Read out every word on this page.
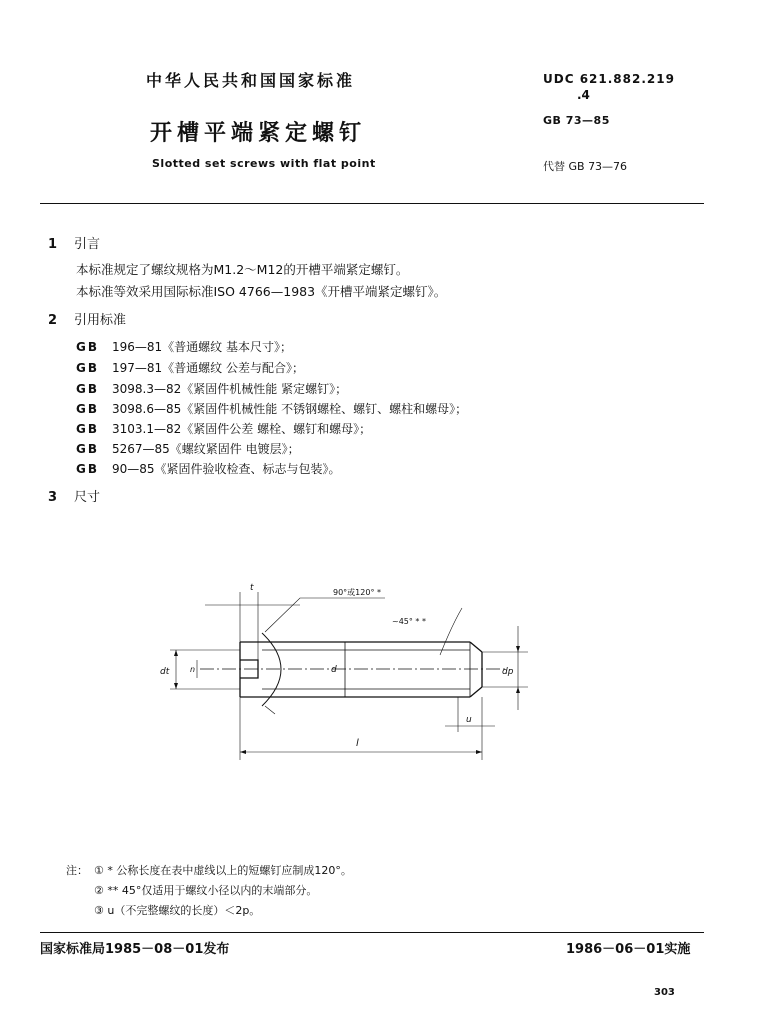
中华人民共和国国家标准
开槽平端紧定螺钉
Slotted set screws with flat point
UDC 621.882.219
.4
GB 73—85
代替 GB 73—76
1 引言
本标准规定了螺纹规格为M1.2～M12的开槽平端紧定螺钉。
本标准等效采用国际标准ISO 4766—1983《开槽平端紧定螺钉》。
2 引用标准
GB 196—81《普通螺纹 基本尺寸》；
GB 197—81《普通螺纹 公差与配合》；
GB 3098.3—82《紧固件机械性能 紧定螺钉》；
GB 3098.6—85《紧固件机械性能 不锈钢螺栓、螺钉、螺柱和螺母》；
GB 3103.1—82《紧固件公差 螺栓、螺钉和螺母》；
GB 5267—85《螺纹紧固件 电镀层》；
GB 90—85《紧固件验收检查、标志与包装》。
3 尺寸
t	90°或120° *
~45° * *
dt	n	d	dp
u
l
注： ① * 公称长度在表中虚线以上的短螺钉应制成120°。
② ** 45°仅适用于螺纹小径以内的末端部分。
③ u（不完整螺纹的长度）＜2p。
国家标准局1985－08－01发布	1986－06－01实施
303
